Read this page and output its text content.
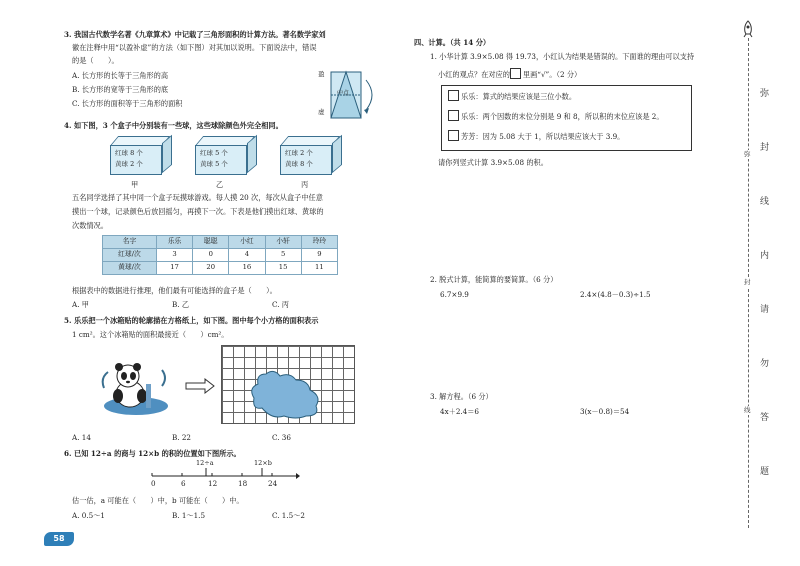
3. 我国古代数学名著《九章算术》中记载了三角形面积的计算方法。著名数学家刘
徽在注释中用“以盈补虚”的方法（如下图）对其加以说明。下面说法中，错误
的是（　　）。
A. 长方形的长等于三角形的高
B. 长方形的宽等于三角形的底
C. 长方形的面积等于三角形的面积
盈
虚
中点
4. 如下图，3 个盒子中分别装有一些球，这些球除颜色外完全相同。
红球 8 个
黄球 2 个
甲
红球 5 个
黄球 5 个
乙
红球 2 个
黄球 8 个
丙
五名同学选择了其中同一个盒子玩摸球游戏。每人摸 20 次，每次从盒子中任意
摸出一个球，记录颜色后放回摇匀，再摸下一次。下表是他们摸出红球、黄球的
次数情况。
名字	乐乐	聪聪	小红	小轩	玲玲
红球/次	3	0	4	5	9
黄球/次	17	20	16	15	11
根据表中的数据进行推理，他们最有可能选择的盒子是（　　）。
A. 甲	B. 乙	C. 丙
5. 乐乐把一个冰箱贴的轮廓描在方格纸上，如下图。图中每个小方格的面积表示
1 cm²。这个冰箱贴的面积最接近（　　）cm²。
A. 14	B. 22	C. 36
6. 已知 12÷a 的商与 12×b 的积的位置如下图所示。
12÷a	12×b
0	6	12	18	24
估一估，a 可能在（　　）中，b 可能在（　　）中。
A. 0.5～1	B. 1～1.5	C. 1.5～2
58
四、计算。（共 14 分）
1. 小华计算 3.9×5.08 得 19.73，小红认为结果是错误的。下面谁的理由可以支持
小红的观点？在对应的 里画“√”。（2 分）
乐乐：算式的结果应该是三位小数。
乐乐：两个因数的末位分别是 9 和 8，所以积的末位应该是 2。
芳芳：因为 5.08 大于 1，所以结果应该大于 3.9。
请你列竖式计算 3.9×5.08 的积。
2. 脱式计算，能简算的要简算。（6 分）
6.7×9.9	2.4×(4.8－0.3)÷1.5
3. 解方程。（6 分）
4x＋2.4＝6	3(x－0.8)＝54
弥
封
线
内
请
勿
答
题
弥
封
线
